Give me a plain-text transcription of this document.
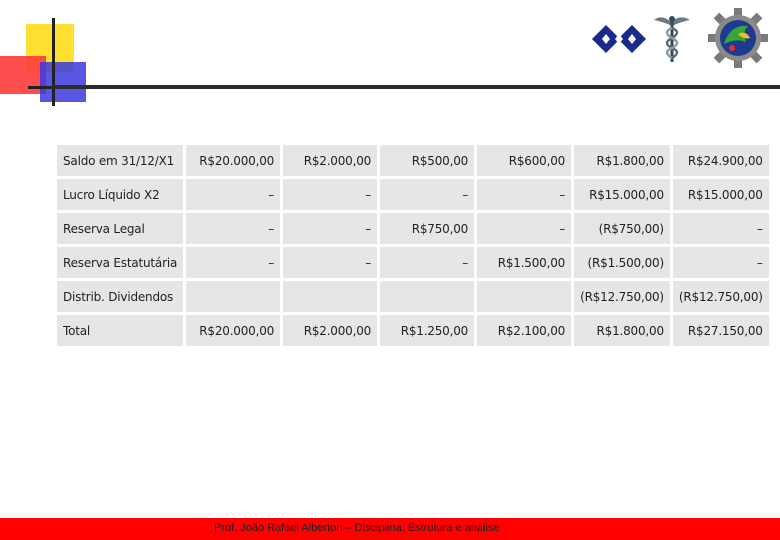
Saldo em 31/12/X1	R$20.000,00	R$2.000,00	R$500,00	R$600,00	R$1.800,00	R$24.900,00
Lucro Líquido X2	–	–	–	–	R$15.000,00	R$15.000,00
Reserva Legal	–	–	R$750,00	–	(R$750,00)	–
Reserva Estatutária	–	–	–	R$1.500,00	(R$1.500,00)	–
Distrib. Dividendos					(R$12.750,00)	(R$12.750,00)
Total	R$20.000,00	R$2.000,00	R$1.250,00	R$2.100,00	R$1.800,00	R$27.150,00
Prof. João Rafael Alberton – Disciplina: Estrutura e análise
